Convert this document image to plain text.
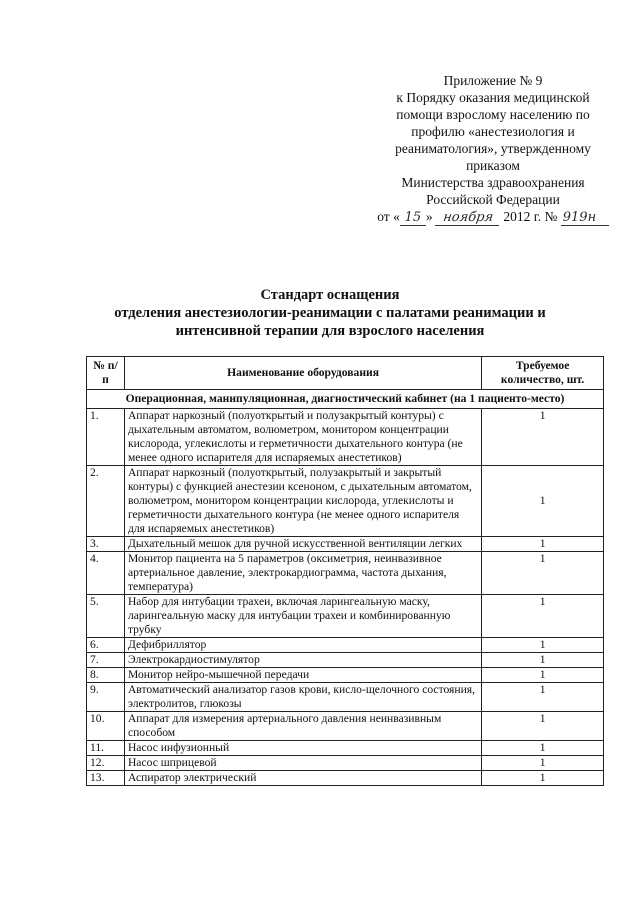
Приложение № 9
к Порядку оказания медицинской
помощи взрослому населению по
профилю «анестезиология и
реаниматология», утвержденному
приказом
Министерства здравоохранения
Российской Федерации
от « 15 » ноября 2012 г. № 919н
Стандарт оснащения
отделения анестезиологии-реанимации с палатами реанимации и
интенсивной терапии для взрослого населения
№ п/п	Наименование оборудования	Требуемое количество, шт.
Операционная, манипуляционная, диагностический кабинет (на 1 пациенто-место)		
1.	Аппарат наркозный (полуоткрытый и полузакрытый контуры) с дыхательным автоматом, волюметром, монитором концентрации кислорода, углекислоты и герметичности дыхательного контура (не менее одного испарителя для испаряемых анестетиков)	1
2.	Аппарат наркозный (полуоткрытый, полузакрытый и закрытый контуры) с функцией анестезии ксеноном, с дыхательным автоматом, волюметром, монитором концентрации кислорода, углекислоты и герметичности дыхательного контура (не менее одного испарителя для испаряемых анестетиков)	1
3.	Дыхательный мешок для ручной искусственной вентиляции легких	1
4.	Монитор пациента на 5 параметров (оксиметрия, неинвазивное артериальное давление, электрокардиограмма, частота дыхания, температура)	1
5.	Набор для интубации трахеи, включая ларингеальную маску, ларингеальную маску для интубации трахеи и комбинированную трубку	1
6.	Дефибриллятор	1
7.	Электрокардиостимулятор	1
8.	Монитор нейро-мышечной передачи	1
9.	Автоматический анализатор газов крови, кисло-щелочного состояния, электролитов, глюкозы	1
10.	Аппарат для измерения артериального давления неинвазивным способом	1
11.	Насос инфузионный	1
12.	Насос шприцевой	1
13.	Аспиратор электрический	1
